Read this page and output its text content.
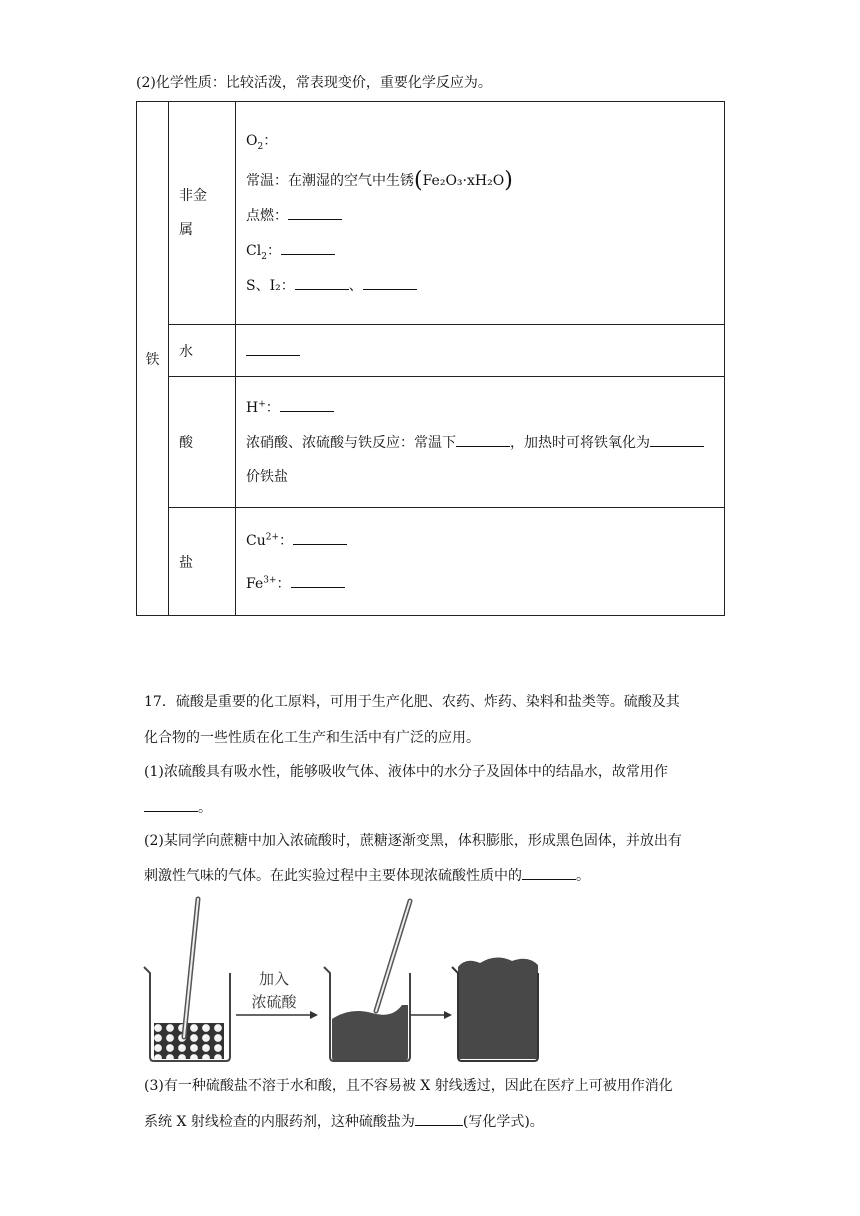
(2)化学性质：比较活泼，常表现变价，重要化学反应为。
铁	非金属	$O_2$：
常温：在潮湿的空气中生锈(Fe₂O₃·xH₂O)
点燃：
$Cl_2$：
S、I₂： 、

	水	
	酸	H+：
浓硝酸、浓硫酸与铁反应：常温下 ，加热时可将铁氧化为
价铁盐

	盐	$Cu^{2+}$：
$Fe^{3+}$：
17．硫酸是重要的化工原料，可用于生产化肥、农药、炸药、染料和盐类等。硫酸及其
化合物的一些性质在化工生产和生活中有广泛的应用。
(1)浓硫酸具有吸水性，能够吸收气体、液体中的水分子及固体中的结晶水，故常用作
。
(2)某同学向蔗糖中加入浓硫酸时，蔗糖逐渐变黑，体积膨胀，形成黑色固体，并放出有
刺激性气味的气体。在此实验过程中主要体现浓硫酸性质中的	。
加入
浓硫酸
(3)有一种硫酸盐不溶于水和酸，且不容易被 X 射线透过，因此在医疗上可被用作消化
系统 X 射线检查的内服药剂，这种硫酸盐为	(写化学式)。
